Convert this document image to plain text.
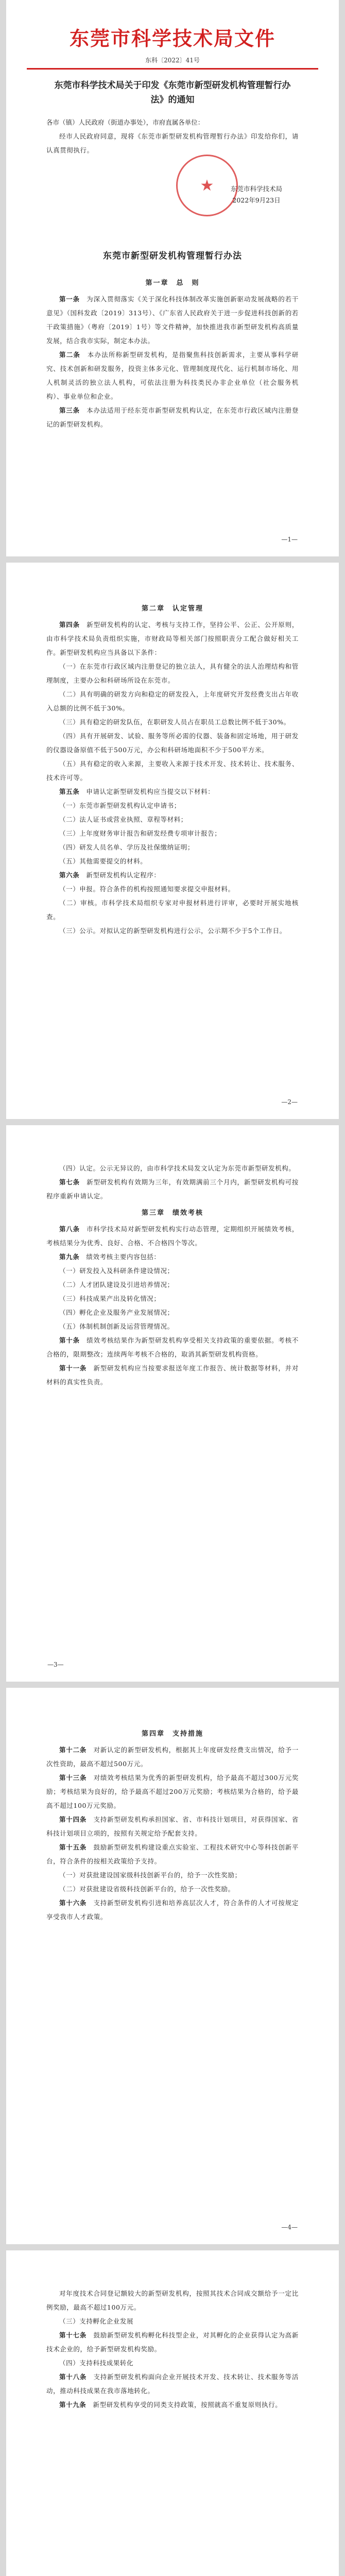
东莞市科学技术局文件
东科〔2022〕41号
东莞市科学技术局关于印发《东莞市新型研发机构管理暂行办法》的通知
各市（镇）人民政府（街道办事处），市府直属各单位：

经市人民政府同意，现将《东莞市新型研发机构管理暂行办法》印发给你们，请认真贯彻执行。

★	东莞市科学技术局
2022年9月23日
东莞市新型研发机构管理暂行办法
第一章　总　则

第一条　为深入贯彻落实《关于深化科技体制改革实施创新驱动发展战略的若干意见》（国科发政〔2019〕313号）、《广东省人民政府关于进一步促进科技创新的若干政策措施》（粤府〔2019〕1号）等文件精神，加快推进我市新型研发机构高质量发展，结合我市实际，制定本办法。

第二条　本办法所称新型研发机构，是指聚焦科技创新需求，主要从事科学研究、技术创新和研发服务，投资主体多元化、管理制度现代化、运行机制市场化、用人机制灵活的独立法人机构，可依法注册为科技类民办非企业单位（社会服务机构）、事业单位和企业。

第三条　本办法适用于经东莞市新型研发机构认定，在东莞市行政区域内注册登记的新型研发机构。

—1—
第二章　认定管理

第四条　新型研发机构的认定、考核与支持工作，坚持公平、公正、公开原则，由市科学技术局负责组织实施，市财政局等相关部门按照职责分工配合做好相关工作。新型研发机构应当具备以下条件：

（一）在东莞市行政区域内注册登记的独立法人，具有健全的法人治理结构和管理制度，主要办公和科研场所设在东莞市。

（二）具有明确的研发方向和稳定的研发投入，上年度研究开发经费支出占年收入总额的比例不低于30%。

（三）具有稳定的研发队伍，在职研发人员占在职员工总数比例不低于30%。

（四）具有开展研发、试验、服务等所必需的仪器、装备和固定场地，用于研发的仪器设备原值不低于500万元，办公和科研场地面积不少于500平方米。

（五）具有稳定的收入来源，主要收入来源于技术开发、技术转让、技术服务、技术许可等。

第五条　申请认定新型研发机构应当提交以下材料：

（一）东莞市新型研发机构认定申请书；

（二）法人证书或营业执照、章程等材料；

（三）上年度财务审计报告和研发经费专项审计报告；

（四）研发人员名单、学历及社保缴纳证明；

（五）其他需要提交的材料。

第六条　新型研发机构认定程序：

（一）申报。符合条件的机构按照通知要求提交申报材料。

（二）审核。市科学技术局组织专家对申报材料进行评审，必要时开展实地核查。

（三）公示。对拟认定的新型研发机构进行公示，公示期不少于5个工作日。

—2—

（四）认定。公示无异议的，由市科学技术局发文认定为东莞市新型研发机构。

第七条　新型研发机构有效期为三年，有效期满前三个月内，新型研发机构可按程序重新申请认定。

第三章　绩效考核

第八条　市科学技术局对新型研发机构实行动态管理，定期组织开展绩效考核，考核结果分为优秀、良好、合格、不合格四个等次。

第九条　绩效考核主要内容包括：

（一）研发投入及科研条件建设情况；

（二）人才团队建设及引进培养情况；

（三）科技成果产出及转化情况；

（四）孵化企业及服务产业发展情况；

（五）体制机制创新及运营管理情况。

第十条　绩效考核结果作为新型研发机构享受相关支持政策的重要依据。考核不合格的，限期整改；连续两年考核不合格的，取消其新型研发机构资格。

第十一条　新型研发机构应当按要求报送年度工作报告、统计数据等材料，并对材料的真实性负责。

—3—
第四章　支持措施

第十二条　对新认定的新型研发机构，根据其上年度研发经费支出情况，给予一次性资助，最高不超过500万元。

第十三条　对绩效考核结果为优秀的新型研发机构，给予最高不超过300万元奖励；考核结果为良好的，给予最高不超过200万元奖励；考核结果为合格的，给予最高不超过100万元奖励。

第十四条　支持新型研发机构承担国家、省、市科技计划项目，对获得国家、省科技计划项目立项的，按照有关规定给予配套支持。

第十五条　鼓励新型研发机构建设重点实验室、工程技术研究中心等科技创新平台，符合条件的按相关政策给予支持。

（一）对获批建设国家级科技创新平台的，给予一次性奖励；

（二）对获批建设省级科技创新平台的，给予一次性奖励。

第十六条　支持新型研发机构引进和培养高层次人才，符合条件的人才可按规定享受我市人才政策。

—4—

对年度技术合同登记额较大的新型研发机构，按照其技术合同成交额给予一定比例奖励，最高不超过100万元。

（三）支持孵化企业发展

第十七条　鼓励新型研发机构孵化科技型企业，对其孵化的企业获得认定为高新技术企业的，给予新型研发机构奖励。

（四）支持科技成果转化

第十八条　支持新型研发机构面向企业开展技术开发、技术转让、技术服务等活动，推动科技成果在我市落地转化。

第十九条　新型研发机构享受的同类支持政策，按照就高不重复原则执行。
